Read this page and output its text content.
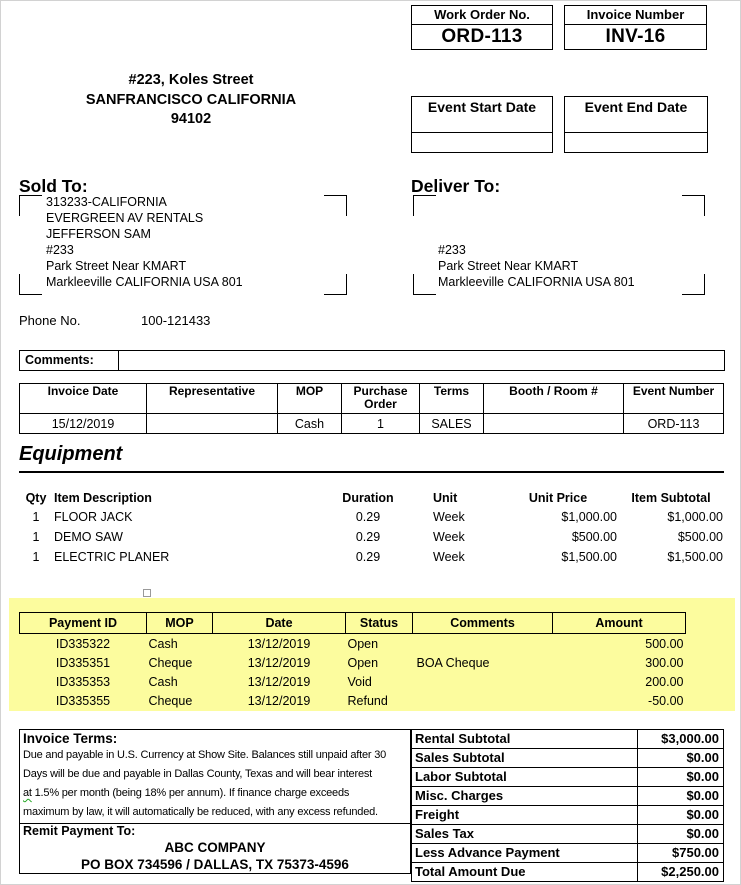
Work Order No.
ORD-113
Invoice Number
INV-16
#223, Koles Street
SANFRANCISCO CALIFORNIA
94102
Event Start Date	Event End Date
Sold To:
313233-CALIFORNIA
EVERGREEN AV RENTALS
JEFFERSON SAM
#233
Park Street Near KMART
Markleeville CALIFORNIA USA 801
Deliver To:
#233
Park Street Near KMART
Markleeville CALIFORNIA USA 801
Phone No.	100-121433
Comments:
Invoice Date	Representative	MOP	Purchase Order	Terms	Booth / Room #	Event Number
15/12/2019		Cash	1	SALES		ORD-113
Equipment
Qty	Item Description	Duration	Unit	Unit Price	Item Subtotal
1	FLOOR JACK	0.29	Week	$1,000.00	$1,000.00
1	DEMO SAW	0.29	Week	$500.00	$500.00
1	ELECTRIC PLANER	0.29	Week	$1,500.00	$1,500.00
Payment ID	MOP	Date	Status	Comments	Amount
ID335322	Cash	13/12/2019	Open		500.00
ID335351	Cheque	13/12/2019	Open	BOA Cheque	300.00
ID335353	Cash	13/12/2019	Void		200.00
ID335355	Cheque	13/12/2019	Refund		-50.00
Invoice Terms:
Due and payable in U.S. Currency at Show Site. Balances still unpaid after 30
Days will be due and payable in Dallas County, Texas and will bear interest
at 1.5% per month (being 18% per annum). If finance charge exceeds
maximum by law, it will automatically be reduced, with any excess refunded.
Remit Payment To:
ABC COMPANY
PO BOX 734596 / DALLAS, TX 75373-4596
Rental Subtotal	$3,000.00
Sales Subtotal	$0.00
Labor Subtotal	$0.00
Misc. Charges	$0.00
Freight	$0.00
Sales Tax	$0.00
Less Advance Payment	$750.00
Total Amount Due	$2,250.00
